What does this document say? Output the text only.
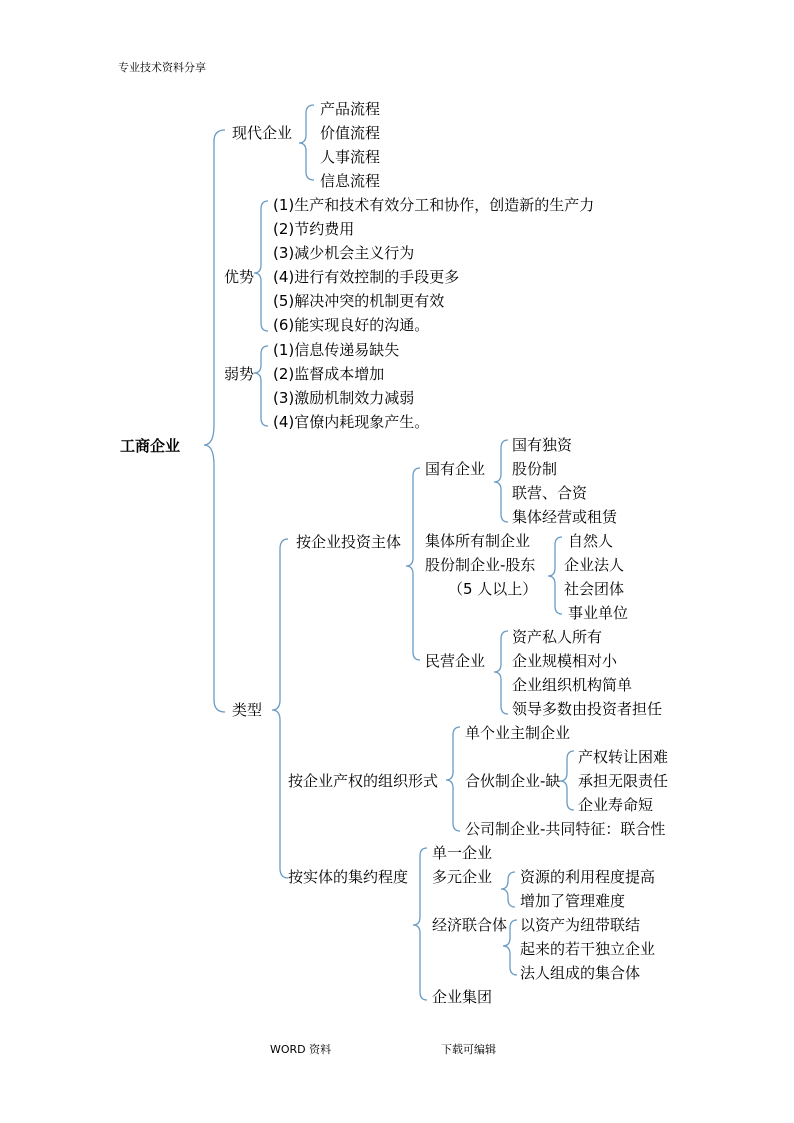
专业技术资料分享
工商企业
现代企业
产品流程
价值流程
人事流程
信息流程
优势
(1)生产和技术有效分工和协作，创造新的生产力
(2)节约费用
(3)减少机会主义行为
(4)进行有效控制的手段更多
(5)解决冲突的机制更有效
(6)能实现良好的沟通。
弱势
(1)信息传递易缺失
(2)监督成本增加
(3)激励机制效力减弱
(4)官僚内耗现象产生。
类型
按企业投资主体
国有企业
国有独资
股份制
联营、合资
集体经营或租赁
集体所有制企业
股份制企业-股东
（5 人以上）
自然人
企业法人
社会团体
事业单位
民营企业
资产私人所有
企业规模相对小
企业组织机构简单
领导多数由投资者担任
按企业产权的组织形式
单个业主制企业
合伙制企业-缺
产权转让困难
承担无限责任
企业寿命短
公司制企业-共同特征：联合性
按实体的集约程度
单一企业
多元企业 资源的利用程度提高
增加了管理难度
经济联合体 以资产为纽带联结
起来的若干独立企业
法人组成的集合体
企业集团
WORD 资料	下载可编辑
